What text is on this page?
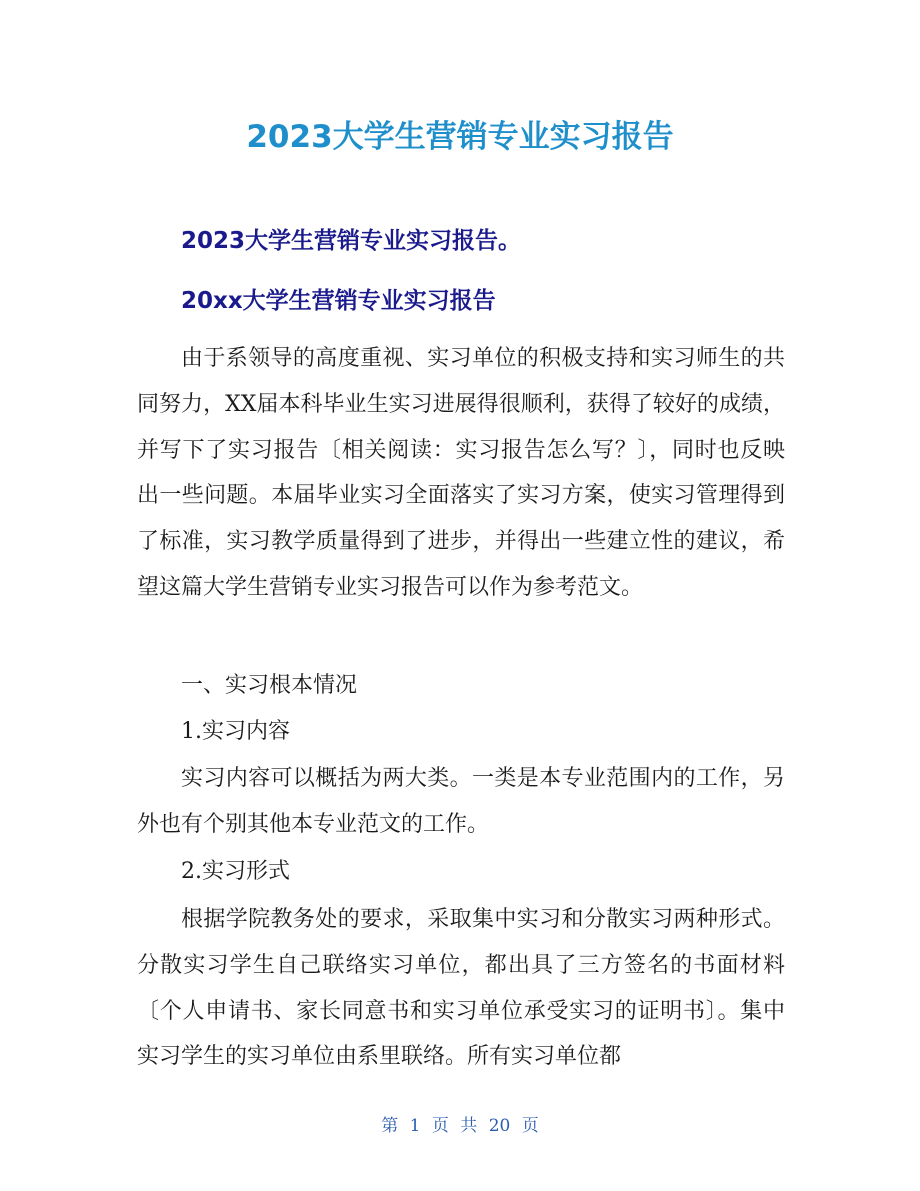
2023大学生营销专业实习报告

2023大学生营销专业实习报告。

20xx大学生营销专业实习报告

由于系领导的高度重视、实习单位的积极支持和实习师生的共同努力，XX届本科毕业生实习进展得很顺利，获得了较好的成绩，并写下了实习报告〔相关阅读：实习报告怎么写？〕，同时也反映出一些问题。本届毕业实习全面落实了实习方案，使实习管理得到了标准，实习教学质量得到了进步，并得出一些建立性的建议，希望这篇大学生营销专业实习报告可以作为参考范文。

一、实习根本情况

1.实习内容

实习内容可以概括为两大类。一类是本专业范围内的工作，另外也有个别其他本专业范文的工作。

2.实习形式

根据学院教务处的要求，采取集中实习和分散实习两种形式。分散实习学生自己联络实习单位，都出具了三方签名的书面材料〔个人申请书、家长同意书和实习单位承受实习的证明书〕。集中实习学生的实习单位由系里联络。所有实习单位都

第 1 页 共 20 页
